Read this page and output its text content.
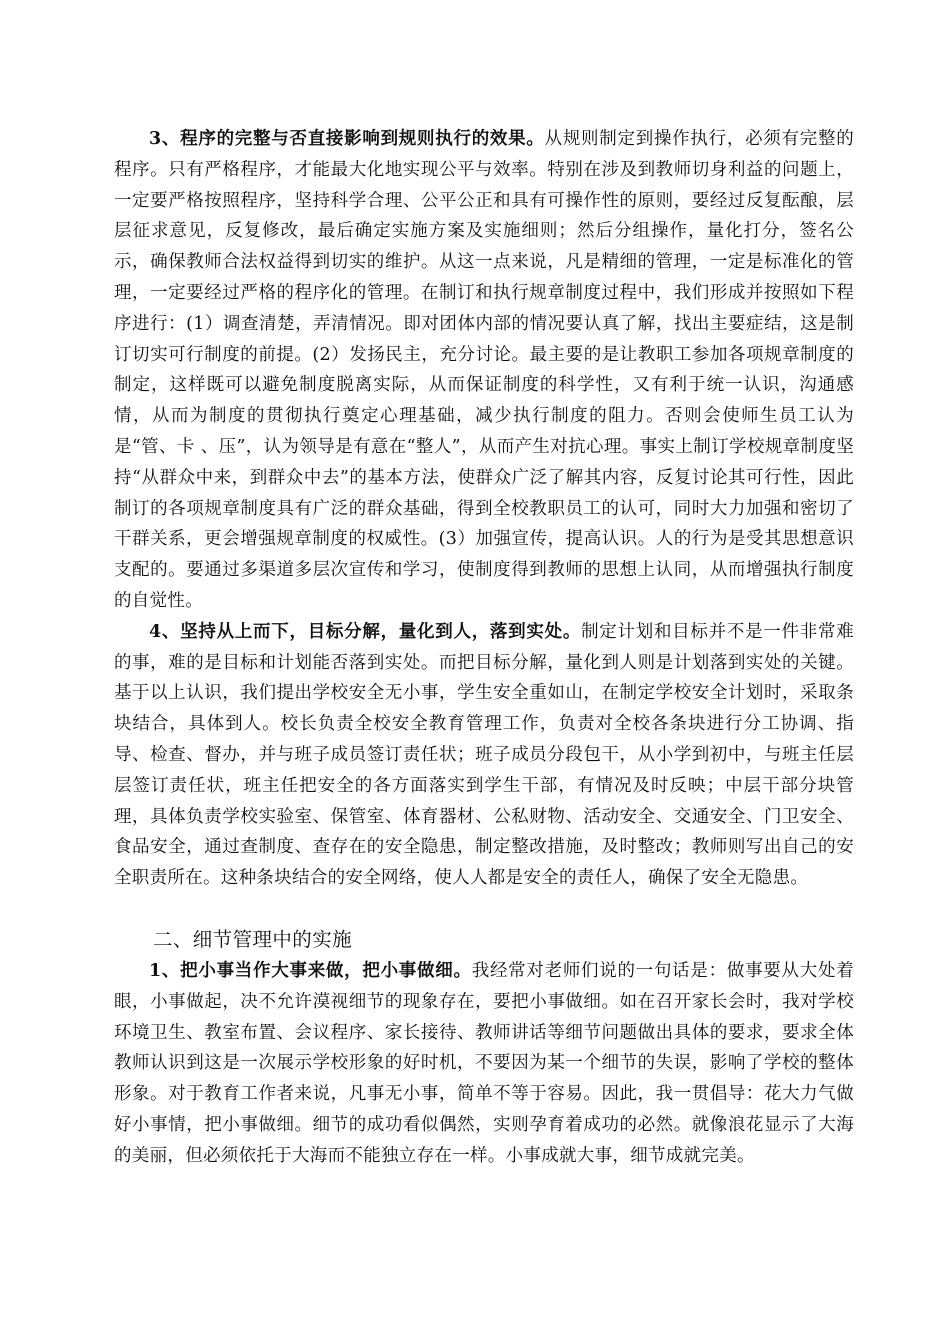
3、程序的完整与否直接影响到规则执行的效果。从规则制定到操作执行，必须有完整的程序。只有严格程序，才能最大化地实现公平与效率。特别在涉及到教师切身利益的问题上，一定要严格按照程序，坚持科学合理、公平公正和具有可操作性的原则，要经过反复酝酿，层层征求意见，反复修改，最后确定实施方案及实施细则；然后分组操作，量化打分，签名公示，确保教师合法权益得到切实的维护。从这一点来说，凡是精细的管理，一定是标准化的管理，一定要经过严格的程序化的管理。在制订和执行规章制度过程中，我们形成并按照如下程序进行：(1）调查清楚，弄清情况。即对团体内部的情况要认真了解，找出主要症结，这是制订切实可行制度的前提。(2）发扬民主，充分讨论。最主要的是让教职工参加各项规章制度的制定，这样既可以避免制度脱离实际，从而保证制度的科学性，又有利于统一认识，沟通感情，从而为制度的贯彻执行奠定心理基础，减少执行制度的阻力。否则会使师生员工认为是“管、卡 、压”，认为领导是有意在“整人”，从而产生对抗心理。事实上制订学校规章制度坚持“从群众中来，到群众中去”的基本方法，使群众广泛了解其内容，反复讨论其可行性，因此制订的各项规章制度具有广泛的群众基础，得到全校教职员工的认可，同时大力加强和密切了干群关系，更会增强规章制度的权威性。(3）加强宣传，提高认识。人的行为是受其思想意识支配的。要通过多渠道多层次宣传和学习，使制度得到教师的思想上认同，从而增强执行制度的自觉性。

4、坚持从上而下，目标分解，量化到人，落到实处。制定计划和目标并不是一件非常难的事，难的是目标和计划能否落到实处。而把目标分解，量化到人则是计划落到实处的关键。基于以上认识，我们提出学校安全无小事，学生安全重如山，在制定学校安全计划时，采取条块结合，具体到人。校长负责全校安全教育管理工作，负责对全校各条块进行分工协调、指导、检查、督办，并与班子成员签订责任状；班子成员分段包干，从小学到初中，与班主任层层签订责任状，班主任把安全的各方面落实到学生干部，有情况及时反映；中层干部分块管理，具体负责学校实验室、保管室、体育器材、公私财物、活动安全、交通安全、门卫安全、食品安全，通过查制度、查存在的安全隐患，制定整改措施，及时整改；教师则写出自己的安全职责所在。这种条块结合的安全网络，使人人都是安全的责任人，确保了安全无隐患。

二、细节管理中的实施

1、把小事当作大事来做，把小事做细。我经常对老师们说的一句话是：做事要从大处着眼，小事做起，决不允许漠视细节的现象存在，要把小事做细。如在召开家长会时，我对学校环境卫生、教室布置、会议程序、家长接待、教师讲话等细节问题做出具体的要求，要求全体教师认识到这是一次展示学校形象的好时机，不要因为某一个细节的失误，影响了学校的整体形象。对于教育工作者来说，凡事无小事，简单不等于容易。因此，我一贯倡导：花大力气做好小事情，把小事做细。细节的成功看似偶然，实则孕育着成功的必然。就像浪花显示了大海的美丽，但必须依托于大海而不能独立存在一样。小事成就大事，细节成就完美。
